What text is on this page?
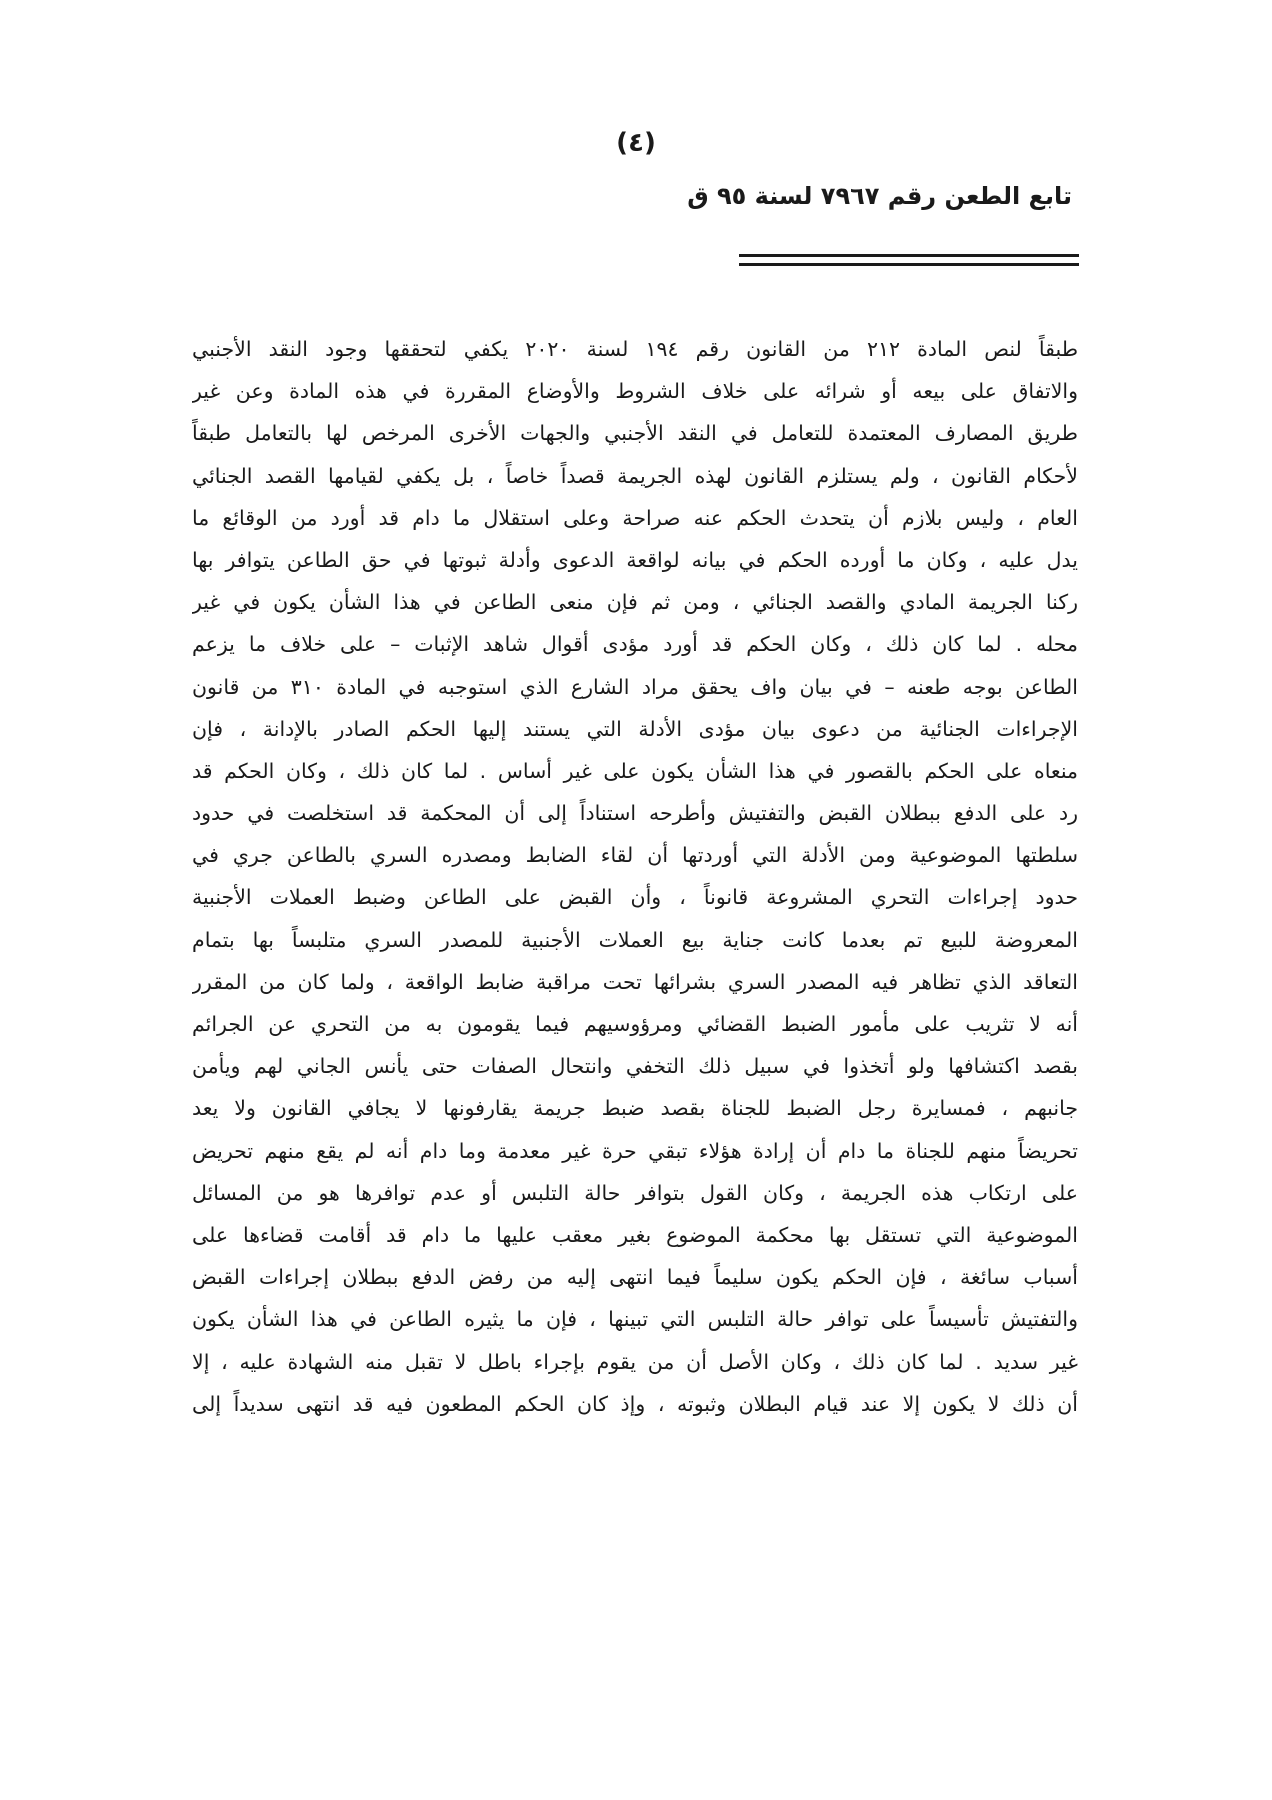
(٤)
تابع الطعن رقم ٧٩٦٧ لسنة ٩٥ ق
طبقاً لنص المادة ٢١٢ من القانون رقم ١٩٤ لسنة ٢٠٢٠ يكفي لتحققها وجود النقد الأجنبي
والاتفاق على بيعه أو شرائه على خلاف الشروط والأوضاع المقررة في هذه المادة وعن غير
طريق المصارف المعتمدة للتعامل في النقد الأجنبي والجهات الأخرى المرخص لها بالتعامل طبقاً
لأحكام القانون ، ولم يستلزم القانون لهذه الجريمة قصداً خاصاً ، بل يكفي لقيامها القصد الجنائي
العام ، وليس بلازم أن يتحدث الحكم عنه صراحة وعلى استقلال ما دام قد أورد من الوقائع ما
يدل عليه ، وكان ما أورده الحكم في بيانه لواقعة الدعوى وأدلة ثبوتها في حق الطاعن يتوافر بها
ركنا الجريمة المادي والقصد الجنائي ، ومن ثم فإن منعى الطاعن في هذا الشأن يكون في غير
محله . لما كان ذلك ، وكان الحكم قد أورد مؤدى أقوال شاهد الإثبات – على خلاف ما يزعم
الطاعن بوجه طعنه – في بيان واف يحقق مراد الشارع الذي استوجبه في المادة ٣١٠ من قانون
الإجراءات الجنائية من دعوى بيان مؤدى الأدلة التي يستند إليها الحكم الصادر بالإدانة ، فإن
منعاه على الحكم بالقصور في هذا الشأن يكون على غير أساس . لما كان ذلك ، وكان الحكم قد
رد على الدفع ببطلان القبض والتفتيش وأطرحه استناداً إلى أن المحكمة قد استخلصت في حدود
سلطتها الموضوعية ومن الأدلة التي أوردتها أن لقاء الضابط ومصدره السري بالطاعن جري في
حدود إجراءات التحري المشروعة قانوناً ، وأن القبض على الطاعن وضبط العملات الأجنبية
المعروضة للبيع تم بعدما كانت جناية بيع العملات الأجنبية للمصدر السري متلبساً بها بتمام
التعاقد الذي تظاهر فيه المصدر السري بشرائها تحت مراقبة ضابط الواقعة ، ولما كان من المقرر
أنه لا تثريب على مأمور الضبط القضائي ومرؤوسيهم فيما يقومون به من التحري عن الجرائم
بقصد اكتشافها ولو أتخذوا في سبيل ذلك التخفي وانتحال الصفات حتى يأنس الجاني لهم ويأمن
جانبهم ، فمسايرة رجل الضبط للجناة بقصد ضبط جريمة يقارفونها لا يجافي القانون ولا يعد
تحريضاً منهم للجناة ما دام أن إرادة هؤلاء تبقي حرة غير معدمة وما دام أنه لم يقع منهم تحريض
على ارتكاب هذه الجريمة ، وكان القول بتوافر حالة التلبس أو عدم توافرها هو من المسائل
الموضوعية التي تستقل بها محكمة الموضوع بغير معقب عليها ما دام قد أقامت قضاءها على
أسباب سائغة ، فإن الحكم يكون سليماً فيما انتهى إليه من رفض الدفع ببطلان إجراءات القبض
والتفتيش تأسيساً على توافر حالة التلبس التي تبينها ، فإن ما يثيره الطاعن في هذا الشأن يكون
غير سديد . لما كان ذلك ، وكان الأصل أن من يقوم بإجراء باطل لا تقبل منه الشهادة عليه ، إلا
أن ذلك لا يكون إلا عند قيام البطلان وثبوته ، وإذ كان الحكم المطعون فيه قد انتهى سديداً إلى
